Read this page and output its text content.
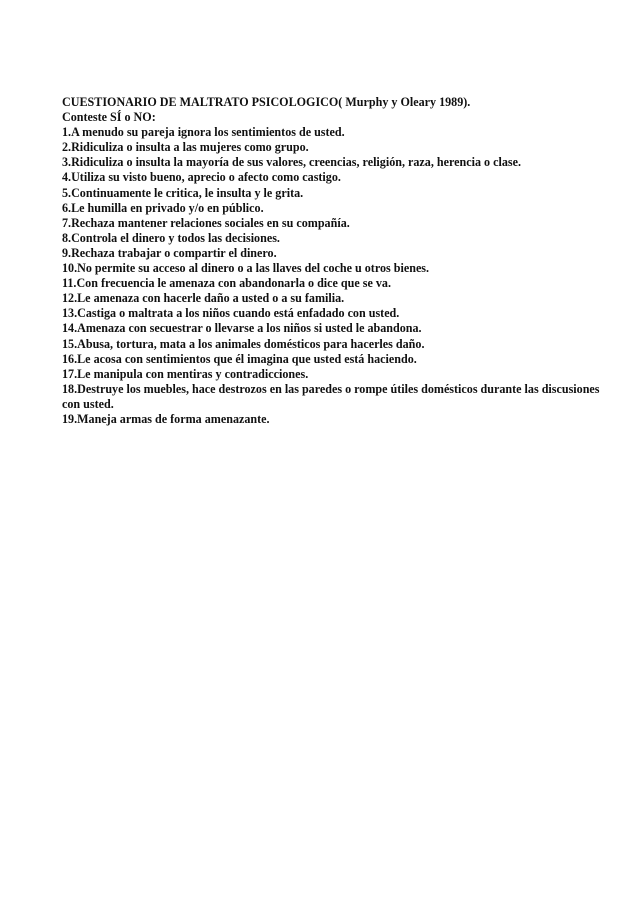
CUESTIONARIO DE MALTRATO PSICOLOGICO( Murphy y Oleary 1989).

Conteste SÍ o NO:

1.A menudo su pareja ignora los sentimientos de usted.

2.Ridiculiza o insulta a las mujeres como grupo.

3.Ridiculiza o insulta la mayoría de sus valores, creencias, religión, raza, herencia o clase.

4.Utiliza su visto bueno, aprecio o afecto como castigo.

5.Continuamente le critica, le insulta y le grita.

6.Le humilla en privado y/o en público.

7.Rechaza mantener relaciones sociales en su compañía.

8.Controla el dinero y todos las decisiones.

9.Rechaza trabajar o compartir el dinero.

10.No permite su acceso al dinero o a las llaves del coche u otros bienes.

11.Con frecuencia le amenaza con abandonarla o dice que se va.

12.Le amenaza con hacerle daño a usted o a su familia.

13.Castiga o maltrata a los niños cuando está enfadado con usted.

14.Amenaza con secuestrar o llevarse a los niños si usted le abandona.

15.Abusa, tortura, mata a los animales domésticos para hacerles daño.

16.Le acosa con sentimientos que él imagina que usted está haciendo.

17.Le manipula con mentiras y contradicciones.

18.Destruye los muebles, hace destrozos en las paredes o rompe útiles domésticos durante las discusiones con usted.

19.Maneja armas de forma amenazante.
